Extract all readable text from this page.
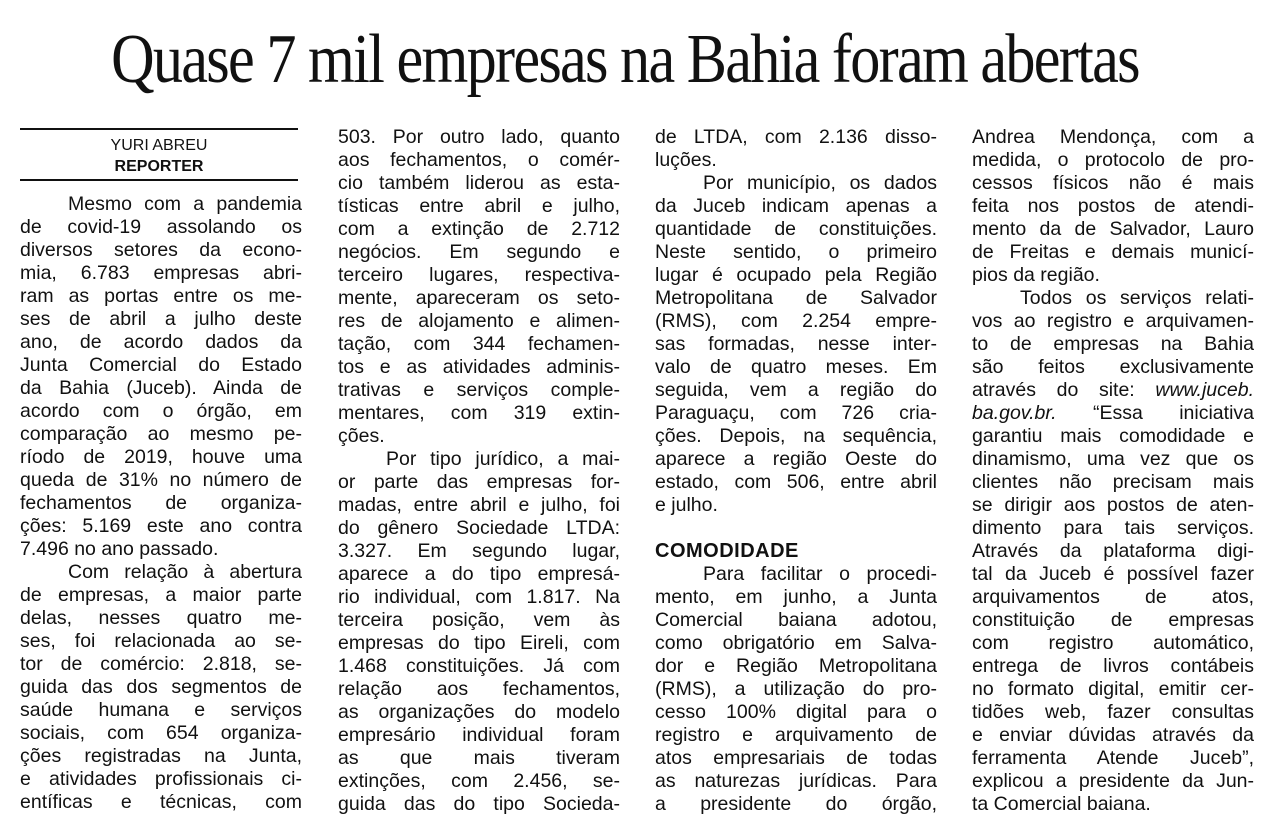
Quase 7 mil empresas na Bahia foram abertas
YURI ABREU
REPORTER
Mesmo com a pandemia
de covid-19 assolando os
diversos setores da econo-
mia, 6.783 empresas abri-
ram as portas entre os me-
ses de abril a julho deste
ano, de acordo dados da
Junta Comercial do Estado
da Bahia (Juceb). Ainda de
acordo com o órgão, em
comparação ao mesmo pe-
ríodo de 2019, houve uma
queda de 31% no número de
fechamentos de organiza-
ções: 5.169 este ano contra
7.496 no ano passado.
Com relação à abertura
de empresas, a maior parte
delas, nesses quatro me-
ses, foi relacionada ao se-
tor de comércio: 2.818, se-
guida das dos segmentos de
saúde humana e serviços
sociais, com 654 organiza-
ções registradas na Junta,
e atividades profissionais ci-
entíficas e técnicas, com
503. Por outro lado, quanto
aos fechamentos, o comér-
cio também liderou as esta-
tísticas entre abril e julho,
com a extinção de 2.712
negócios. Em segundo e
terceiro lugares, respectiva-
mente, apareceram os seto-
res de alojamento e alimen-
tação, com 344 fechamen-
tos e as atividades adminis-
trativas e serviços comple-
mentares, com 319 extin-
ções.
Por tipo jurídico, a mai-
or parte das empresas for-
madas, entre abril e julho, foi
do gênero Sociedade LTDA:
3.327. Em segundo lugar,
aparece a do tipo empresá-
rio individual, com 1.817. Na
terceira posição, vem às
empresas do tipo Eireli, com
1.468 constituições. Já com
relação aos fechamentos,
as organizações do modelo
empresário individual foram
as que mais tiveram
extinções, com 2.456, se-
guida das do tipo Socieda-
de LTDA, com 2.136 disso-
luções.
Por município, os dados
da Juceb indicam apenas a
quantidade de constituições.
Neste sentido, o primeiro
lugar é ocupado pela Região
Metropolitana de Salvador
(RMS), com 2.254 empre-
sas formadas, nesse inter-
valo de quatro meses. Em
seguida, vem a região do
Paraguaçu, com 726 cria-
ções. Depois, na sequência,
aparece a região Oeste do
estado, com 506, entre abril
e julho.
COMODIDADE
Para facilitar o procedi-
mento, em junho, a Junta
Comercial baiana adotou,
como obrigatório em Salva-
dor e Região Metropolitana
(RMS), a utilização do pro-
cesso 100% digital para o
registro e arquivamento de
atos empresariais de todas
as naturezas jurídicas. Para
a presidente do órgão,
Andrea Mendonça, com a
medida, o protocolo de pro-
cessos físicos não é mais
feita nos postos de atendi-
mento da de Salvador, Lauro
de Freitas e demais municí-
pios da região.
Todos os serviços relati-
vos ao registro e arquivamen-
to de empresas na Bahia
são feitos exclusivamente
através do site: www.juceb.
ba.gov.br. “Essa iniciativa
garantiu mais comodidade e
dinamismo, uma vez que os
clientes não precisam mais
se dirigir aos postos de aten-
dimento para tais serviços.
Através da plataforma digi-
tal da Juceb é possível fazer
arquivamentos de atos,
constituição de empresas
com registro automático,
entrega de livros contábeis
no formato digital, emitir cer-
tidões web, fazer consultas
e enviar dúvidas através da
ferramenta Atende Juceb”,
explicou a presidente da Jun-
ta Comercial baiana.
